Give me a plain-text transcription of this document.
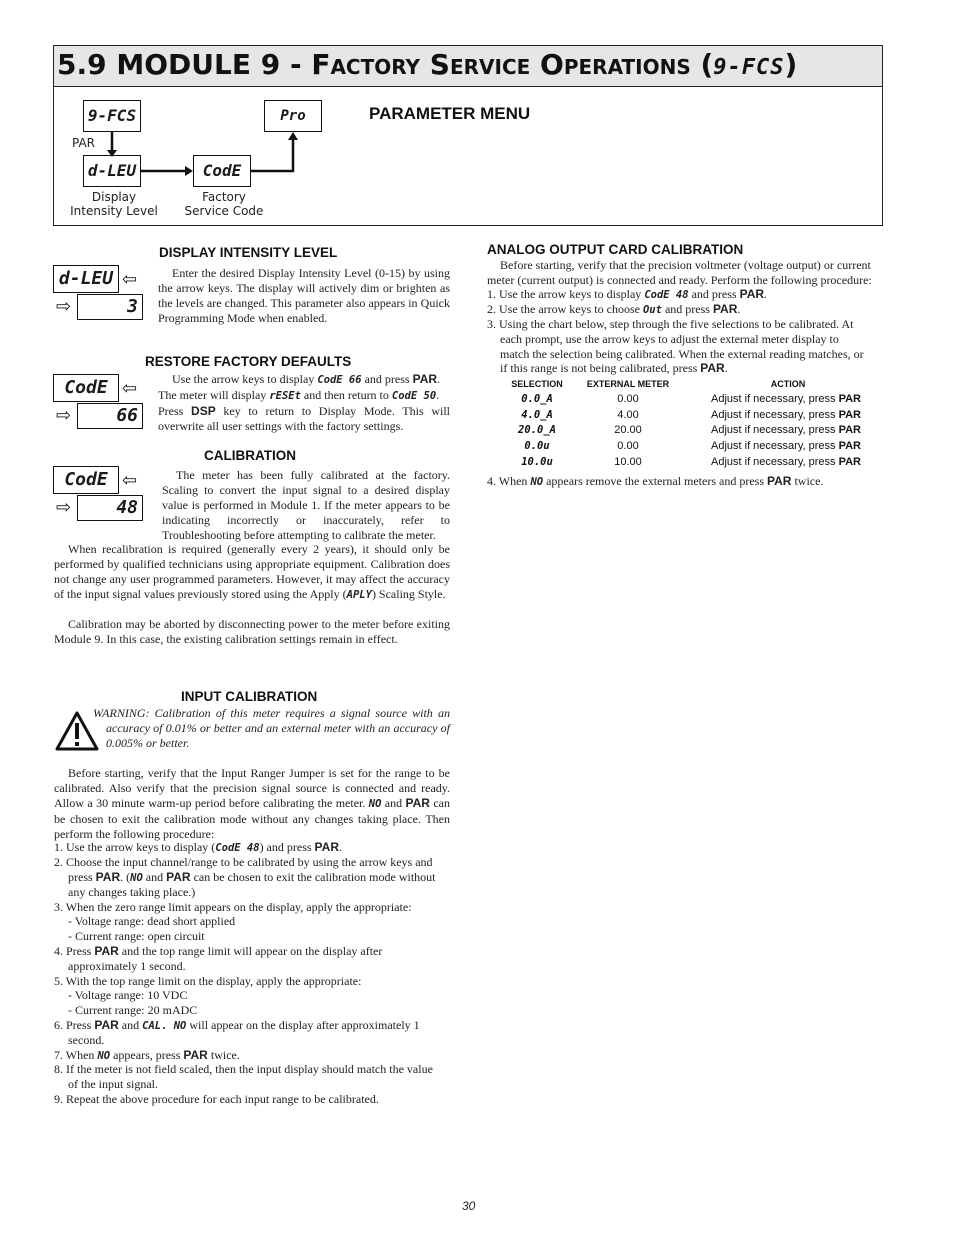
5.9 MODULE 9 - Factory Service Operations (9-FCS)
9-FCS	Pro
d-LEU	CodE
PAR
Display
Intensity Level
Factory
Service Code
PARAMETER MENU
DISPLAY INTENSITY LEVEL
d-LEU
3
⇦
⇨
Enter the desired Display Intensity Level (0-15) by using the arrow keys. The display will actively dim or brighten as the levels are changed. This parameter also appears in Quick Programming Mode when enabled.
RESTORE FACTORY DEFAULTS
CodE
66
⇦
⇨
Use the arrow keys to display CodE 66 and press PAR.
The meter will display rESEt and then return to CodE 50.
Press DSP key to return to Display Mode. This will overwrite all user settings with the factory settings.
CALIBRATION
CodE
48
⇦
⇨
The meter has been fully calibrated at the factory. Scaling to convert the input signal to a desired display value is performed in Module 1. If the meter appears to be indicating incorrectly or inaccurately, refer to Troubleshooting before attempting to calibrate the meter.
When recalibration is required (generally every 2 years), it should only be performed by qualified technicians using appropriate equipment. Calibration does not change any user programmed parameters. However, it may affect the accuracy of the input signal values previously stored using the Apply (APLY) Scaling Style.
Calibration may be aborted by disconnecting power to the meter before exiting Module 9. In this case, the existing calibration settings remain in effect.
INPUT CALIBRATION
WARNING: Calibration of this meter requires a signal source with an accuracy of 0.01% or better and an external meter with an accuracy of 0.005% or better.
Before starting, verify that the Input Ranger Jumper is set for the range to be calibrated. Also verify that the precision signal source is connected and ready. Allow a 30 minute warm-up period before calibrating the meter. NO and PAR can be chosen to exit the calibration mode without any changes taking place. Then perform the following procedure:
1. Use the arrow keys to display (CodE 48) and press PAR.
2. Choose the input channel/range to be calibrated by using the arrow keys and
press PAR. (NO and PAR can be chosen to exit the calibration mode without
any changes taking place.)
3. When the zero range limit appears on the display, apply the appropriate:
- Voltage range: dead short applied
- Current range: open circuit
4. Press PAR and the top range limit will appear on the display after
approximately 1 second.
5. With the top range limit on the display, apply the appropriate:
- Voltage range: 10 VDC
- Current range: 20 mADC
6. Press PAR and CAL. NO will appear on the display after approximately 1
second.
7. When NO appears, press PAR twice.
8. If the meter is not field scaled, then the input display should match the value
of the input signal.
9. Repeat the above procedure for each input range to be calibrated.
ANALOG OUTPUT CARD CALIBRATION
Before starting, verify that the precision voltmeter (voltage output) or current
meter (current output) is connected and ready. Perform the following procedure:
1. Use the arrow keys to display CodE 48 and press PAR.
2. Use the arrow keys to choose Out and press PAR.
3. Using the chart below, step through the five selections to be calibrated. At
each prompt, use the arrow keys to adjust the external meter display to
match the selection being calibrated. When the external reading matches, or
if this range is not being calibrated, press PAR.
SELECTION	EXTERNAL METER	ACTION
0.0_A	0.00	Adjust if necessary, press PAR
4.0_A	4.00	Adjust if necessary, press PAR
20.0_A	20.00	Adjust if necessary, press PAR
0.0u	0.00	Adjust if necessary, press PAR
10.0u	10.00	Adjust if necessary, press PAR
4. When NO appears remove the external meters and press PAR twice.
30
